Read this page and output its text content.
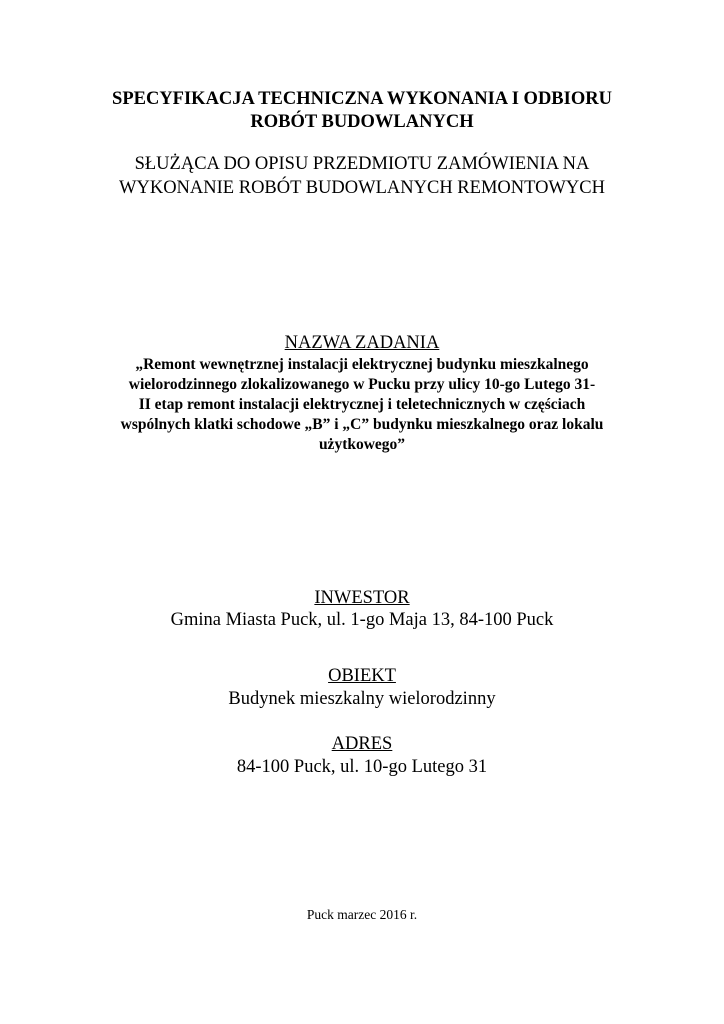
SPECYFIKACJA TECHNICZNA WYKONANIA I ODBIORU
ROBÓT BUDOWLANYCH
SŁUŻĄCA DO OPISU PRZEDMIOTU ZAMÓWIENIA NA
WYKONANIE ROBÓT BUDOWLANYCH REMONTOWYCH
NAZWA ZADANIA
„Remont wewnętrznej instalacji elektrycznej budynku mieszkalnego
wielorodzinnego zlokalizowanego w Pucku przy ulicy 10-go Lutego 31-
II etap remont instalacji elektrycznej i teletechnicznych w częściach
wspólnych klatki schodowe „B” i „C” budynku mieszkalnego oraz lokalu
użytkowego”
INWESTOR
Gmina Miasta Puck, ul. 1-go Maja 13, 84-100 Puck
OBIEKT
Budynek mieszkalny wielorodzinny
ADRES
84-100 Puck, ul. 10-go Lutego 31
Puck marzec 2016 r.
